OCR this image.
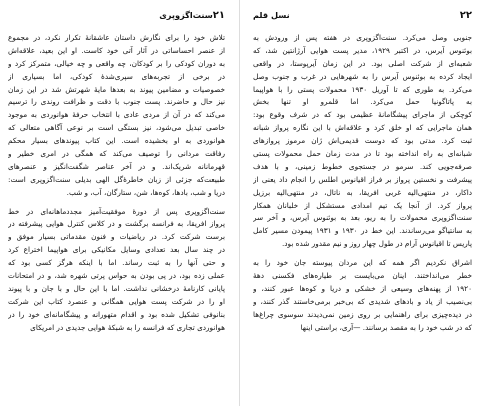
۲۱
سنت‌اگزوپری
تلاش خود را برای نگارش داستان عاشقانهٔ تکرار نکرد، در مجموع
از عنصر احساساتی در آثار آتی خود کاست. او این بعید، علاقه‌اش
به دوران کودکی را بر کودکان، چه واقعی و چه خیالی، متمرکز کرد و
در برخی از تجربه‌های سپری‌شدهٔ کودکی، اما بسیاری از
خصوصیات و مضامین پیوند به بعدها مایهٔ شهرتش شد در این زمان
نیز حال و حاضرند. پست جنوب با دقت و ظرافت روندی را ترسیم
می‌کند که در آن از مردی عادی با انتخاب حرفهٔ هوانوردی به موجود
خاصی تبدیل می‌شود، نیز بستگی است بر نوعی آگاهی متعالی که
هوانوردی به او بخشیده است. این کتاب پیوندهای بسیار محکم
رفاقت مردانی را توصیف می‌کند که همگی در امری خطیر و
قهرمانانه شریک‌اند. و در آخر عناصر شگفت‌انگیز و عنصرهای
طبیعت‌که جزئی از زبان خاطرهٔ‌گل الهی بدیلی سنت‌اگزوپری است:
دریا و شب، بادها، کوه‌ها، شن، ستارگان، آب، و شب.
سنت‌اگزوپری پس از دورهٔ موفقیت‌آمیز مجدد‌ماهانه‌ای در خط
پرواز افریقا، به فرانسه برگشت و در کلاس کنترل هوایی پیشرفته در
برست شرکت کرد. در ریاضیات و فنون مقدماتی بسیار موفق و
در چند سال بعد تعدادی وسایل مکانیکی برای هواپیما اختراع کرد
و حتی آنها را به ثبت رساند. اما با اینکه هرگز کسی بود که
عملی زده بود، در پی بودن به حواس پرتی شهره شد، و در امتحانات
پایانی کارنامهٔ درخشانی نداشت. اما با این حال و با جان و با پیوند
او را در شرکت پست هوایی همگانی و عنصرد کتاب این شرکت
بنانوفی تشکیل شده بود و اقدام متهورانه و پیشگامانه‌ای خود را در
هوانوردی تجاری که فرانسه را به شبکهٔ هوایی جدیدی در امریکای
۲۲
نسل قلم
جنوبی وصل می‌کرد. سنت‌اگزوپری در هفته پس از ورودش به
بوئنوس آیرس، در اکتبر ۱۹۲۹، مدیر پست هوایی آرژانتین شد، که
شعبه‌ای از شرکت اصلی بود. در این زمان آیرپوستا، در واقعی
ایجاد کرده به بوئنوس آیرس را به شهرهایی در غرب و جنوب وصل
می‌کرد. به طوری که تا آوریل ۱۹۳۰ محمولات پستی را با هواپیما
به پاتاگونیا حمل می‌کرد. اما قلمرو او تنها بخش
کوچکی از ماجرای پیشگامانهٔ عظیمی بود که در شرف وقوع بود:
همان ماجرایی که او خلق کرد و علاقه‌اش با این نگاره پرواز شبانه
ثبت کرد. مدتی بود که دوست قدیمی‌اش ژان مرموز پروازهای
شبانه‌ای به راه انداخته بود تا در مدت زمان حمل محمولات پستی
صرفه‌جویی کند. سرمو در جستجوی خطوط زمینی، و با هدف
پیشرفت و نخستین پرواز بر فراز اقیانوس اطلس را انجام داد یعنی از
داکار، در منتهی‌الیه غربی افریقا، به ناتال، در منتهی‌الیه برزیل
پرواز کرد. از آنجا یک تیم امدادی مستشکل از خلبانان همکار
سنت‌اگزوپری محمولات را به ریو، بعد به بوئنوس آیرس، و آخر سر
به سانتیاگو می‌رساندند. این خط در ۱۹۳۰ و ۱۹۳۱ پیمودن مسیر کامل
پاریس تا اقیانوس آرام در طول چهار روز و نیم مقدور شده بود.
اشراق نکردیم اگر همه که این مردان پیوسته جان خود را به
خطر می‌انداختند. اینان می‌بایست بر طیاره‌های فکسنی دههٔ
۱۹۲۰ از پهنه‌های وسیعی از خشکی و دریا و کوه‌ها عبور کنند، و
بی‌نصیب از یاد و بادهای شدیدی که بی‌خبر برمی‌خاستند گذر کنند، و
در دیده‌چیزی برای راهنمایی بر روی زمین نمی‌دیدند سوسوی چراغ‌ها
که در شب خود را به مقصد برسانند. —آری، براستی اینها
